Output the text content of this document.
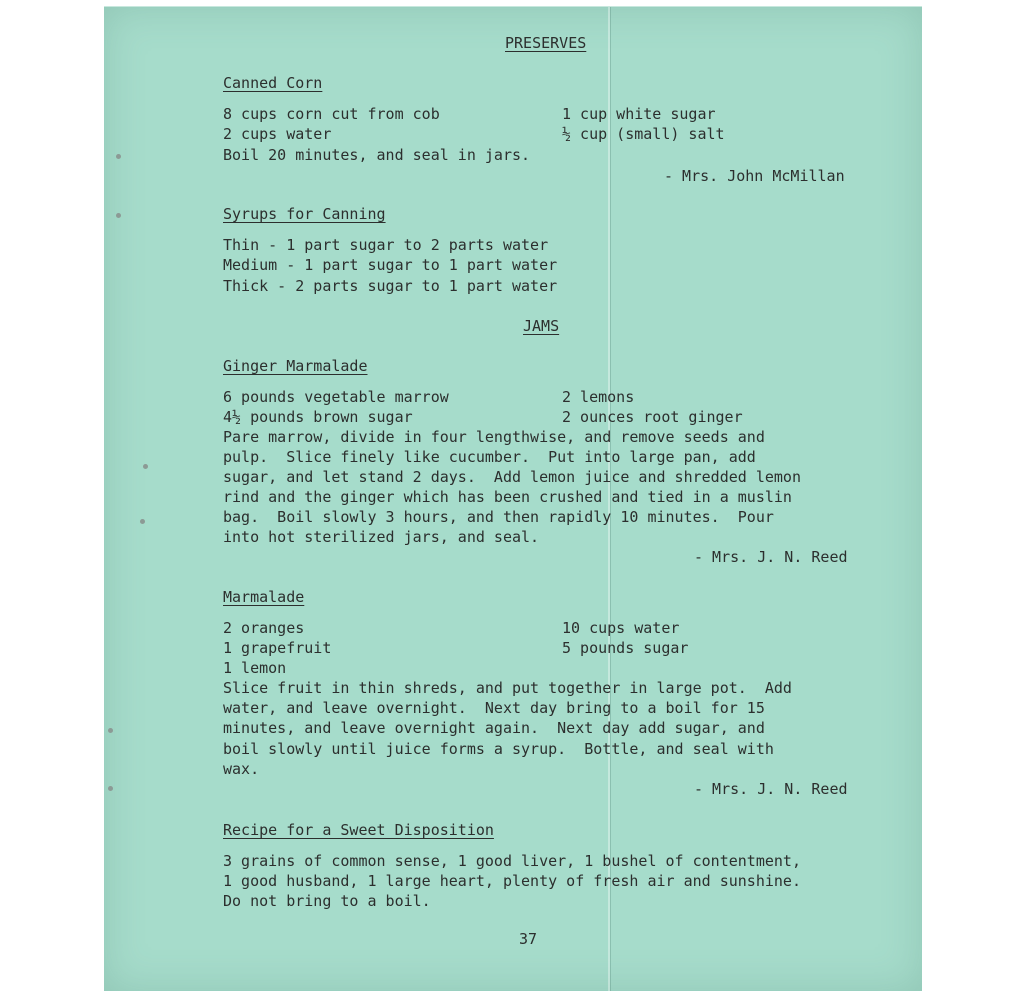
PRESERVES
Canned Corn
8 cups corn cut from cob
2 cups water
1 cup white sugar
½ cup (small) salt
Boil 20 minutes, and seal in jars.
- Mrs. John McMillan
Syrups for Canning
Thin - 1 part sugar to 2 parts water
Medium - 1 part sugar to 1 part water
Thick - 2 parts sugar to 1 part water
JAMS
Ginger Marmalade
6 pounds vegetable marrow
4½ pounds brown sugar
2 lemons
2 ounces root ginger
Pare marrow, divide in four lengthwise, and remove seeds and
pulp.  Slice finely like cucumber.  Put into large pan, add
sugar, and let stand 2 days.  Add lemon juice and shredded lemon
rind and the ginger which has been crushed and tied in a muslin
bag.  Boil slowly 3 hours, and then rapidly 10 minutes.  Pour
into hot sterilized jars, and seal.
- Mrs. J. N. Reed
Marmalade
2 oranges
1 grapefruit
1 lemon
10 cups water
5 pounds sugar
Slice fruit in thin shreds, and put together in large pot.  Add
water, and leave overnight.  Next day bring to a boil for 15
minutes, and leave overnight again.  Next day add sugar, and
boil slowly until juice forms a syrup.  Bottle, and seal with
wax.
- Mrs. J. N. Reed
Recipe for a Sweet Disposition
3 grains of common sense, 1 good liver, 1 bushel of contentment,
1 good husband, 1 large heart, plenty of fresh air and sunshine.
Do not bring to a boil.
37
